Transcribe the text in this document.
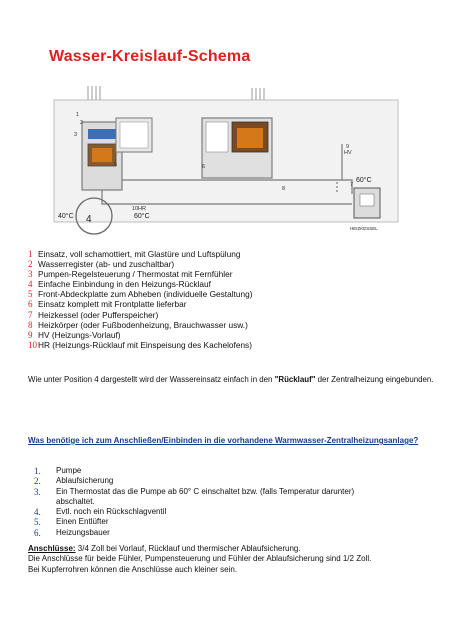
Wasser-Kreislauf-Schema
1
2
3
4
5	6
7
8
9
10 HR
HV
40°C	60°C
60°C
HEIZKESSEL
1 Einsatz, voll schamottiert, mit Glastüre und Luftspülung
2 Wasserregister (ab- und zuschaltbar)
3 Pumpen-Regelsteuerung / Thermostat mit Fernfühler
4 Einfache Einbindung in den Heizungs-Rücklauf
5 Front-Abdeckplatte zum Abheben (individuelle Gestaltung)
6 Einsatz komplett mit Frontplatte lieferbar
7 Heizkessel (oder Pufferspeicher)
8 Heizkörper (oder Fußbodenheizung, Brauchwasser usw.)
9 HV (Heizungs-Vorlauf)
10HR (Heizungs-Rücklauf mit Einspeisung des Kachelofens)

Wie unter Position 4 dargestellt wird der Wassereinsatz einfach in den "Rücklauf" der Zentralheizung eingebunden.

Was benötige ich zum Anschließen/Einbinden in die vorhandene Warmwasser-Zentralheizungsanlage?

1.	Pumpe
2.	Ablaufsicherung
3.	Ein Thermostat das die Pumpe ab 60° C einschaltet bzw. (falls Temperatur darunter) abschaltet.
4.	Evtl. noch ein Rückschlagventil
5.	Einen Entlüfter
6.	Heizungsbauer

Anschlüsse: 3/4 Zoll bei Vorlauf, Rücklauf und thermischer Ablaufsicherung.
Die Anschlüsse für beide Fühler, Pumpensteuerung und Fühler der Ablaufsicherung sind 1/2 Zoll.
Bei Kupferrohren können die Anschlüsse auch kleiner sein.
